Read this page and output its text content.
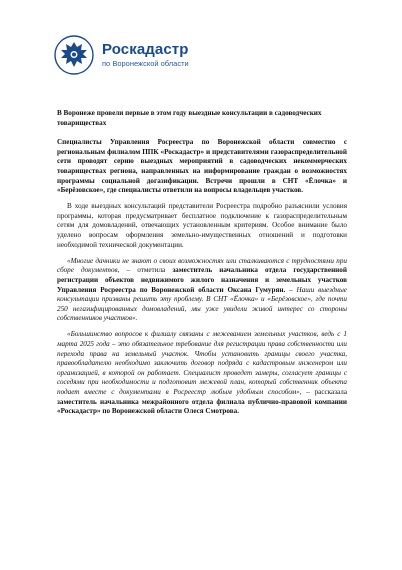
Роскадастр
по Воронежской области

В Воронеже провели первые в этом году выездные консультации в садоводческих товариществах

Специалисты Управления Росреестра по Воронежской области совместно с региональным филиалом ППК «Роскадастр» и представителями газораспределительной сети проводят серию выездных мероприятий в садоводческих некоммерческих товариществах региона, направленных на информирование граждан о возможностях программы социальной догазификации. Встречи прошли в СНТ «Ёлочка» и «Берёзовское», где специалисты ответили на вопросы владельцев участков.

В ходе выездных консультаций представители Росреестра подробно разъяснили условия программы, которая предусматривает бесплатное подключение к газораспределительным сетям для домовладений, отвечающих установленным критериям. Особое внимание было уделено вопросам оформления земельно-имущественных отношений и подготовки необходимой технической документации.

«Многие дачники не знают о своих возможностях или сталкиваются с трудностями при сборе документов, – отметила заместитель начальника отдела государственной регистрации объектов недвижимого жилого назначения и земельных участков Управления Росреестра по Воронежской области Оксана Гумурян. – Наши выездные консультации призваны решить эту проблему. В СНТ «Ёлочка» и «Берёзовское», где почти 250 негазифицированных домовладений, мы уже увидели живой интерес со стороны собственников участков».

«Большинство вопросов к филиалу связаны с межеванием земельных участков, ведь с 1 марта 2025 года – это обязательное требование для регистрации права собственности или перехода права на земельный участок. Чтобы установить границы своего участка, правообладателю необходимо заключить договор подряда с кадастровым инженером или организацией, в которой он работает. Специалист проведет замеры, согласует границы с соседями при необходимости и подготовит межевой план, который собственник объекта подает вместе с документами в Росреестр любым удобным способом», – рассказала заместитель начальника межрайонного отдела филиала публично-правовой компании «Роскадастр» по Воронежской области Олеся Смотрова.
